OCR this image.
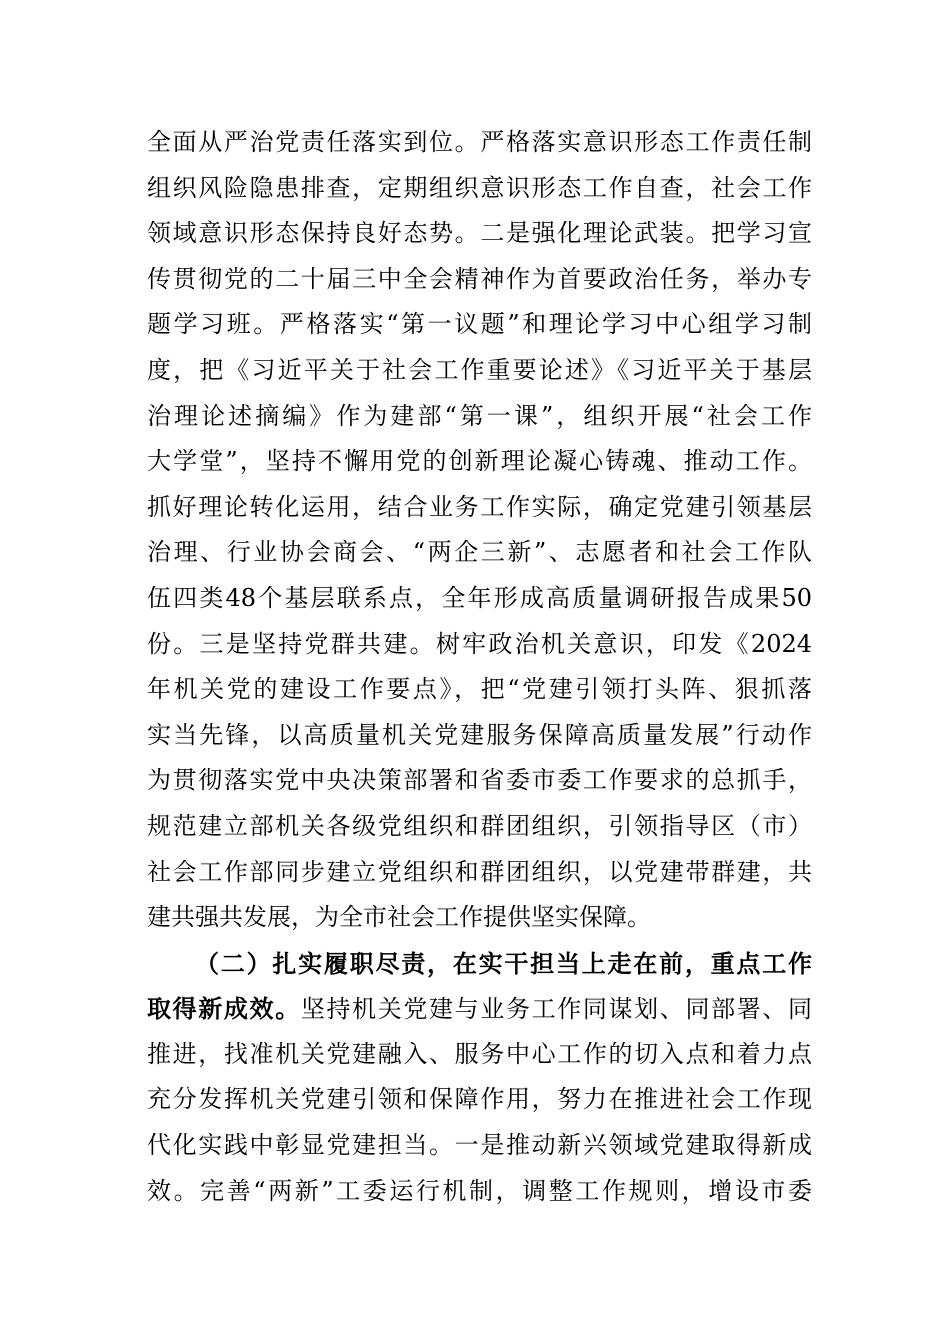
全面从严治党责任落实到位。严格落实意识形态工作责任制
组织风险隐患排查，定期组织意识形态工作自查，社会工作
领域意识形态保持良好态势。二是强化理论武装。把学习宣
传贯彻党的二十届三中全会精神作为首要政治任务，举办专
题学习班。严格落实“第一议题”和理论学习中心组学习制
度，把《习近平关于社会工作重要论述》《习近平关于基层
治理论述摘编》作为建部“第一课”，组织开展“社会工作
大学堂”，坚持不懈用党的创新理论凝心铸魂、推动工作。
抓好理论转化运用，结合业务工作实际，确定党建引领基层
治理、行业协会商会、“两企三新”、志愿者和社会工作队
伍四类48个基层联系点，全年形成高质量调研报告成果50
份。三是坚持党群共建。树牢政治机关意识，印发《2024
年机关党的建设工作要点》，把“党建引领打头阵、狠抓落
实当先锋，以高质量机关党建服务保障高质量发展”行动作
为贯彻落实党中央决策部署和省委市委工作要求的总抓手，
规范建立部机关各级党组织和群团组织，引领指导区（市）
社会工作部同步建立党组织和群团组织，以党建带群建，共
建共强共发展，为全市社会工作提供坚实保障。
（二）扎实履职尽责，在实干担当上走在前，重点工作
取得新成效。坚持机关党建与业务工作同谋划、同部署、同
推进，找准机关党建融入、服务中心工作的切入点和着力点
充分发挥机关党建引领和保障作用，努力在推进社会工作现
代化实践中彰显党建担当。一是推动新兴领域党建取得新成
效。完善“两新”工委运行机制，调整工作规则，增设市委
